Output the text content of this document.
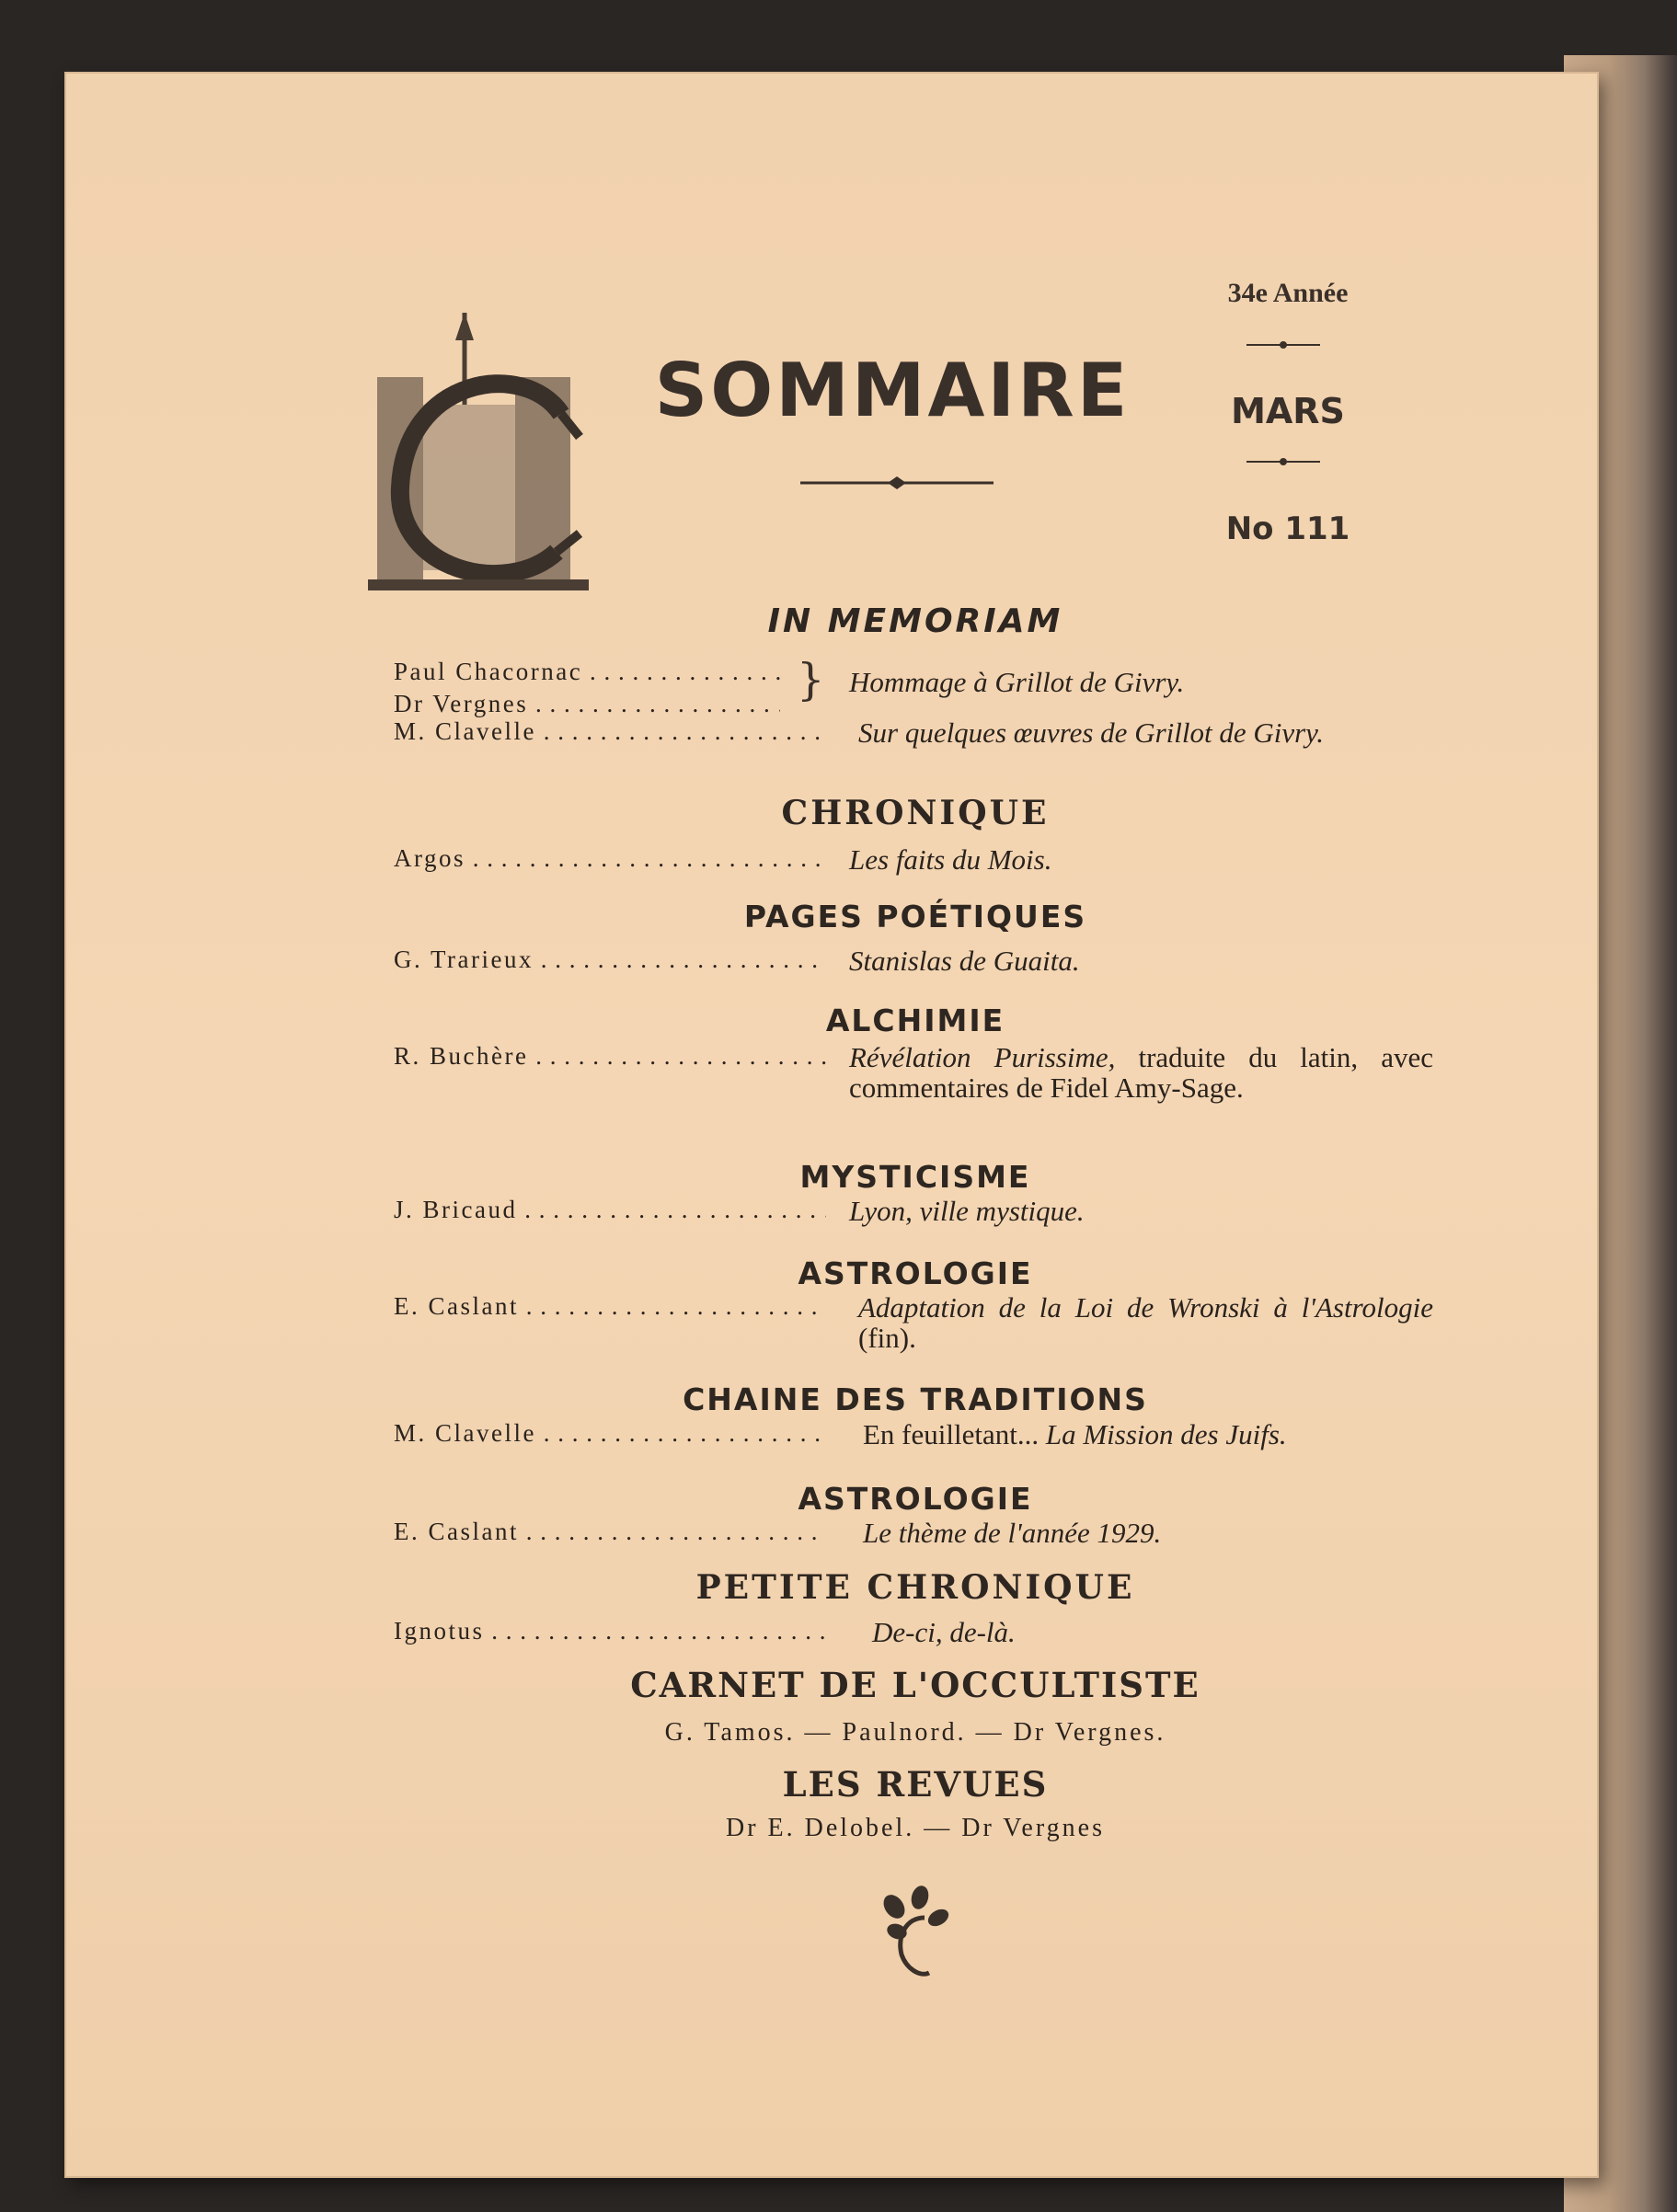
34e Année
SOMMAIRE	MARS
No 111
IN MEMORIAM
Paul Chacornac . . .
Dr Vergnes . . .	} Hommage à Grillot de Givry.
M. Clavelle . . .	Sur quelques œuvres de Grillot de Givry.
CHRONIQUE
Argos . . .	Les faits du Mois.
PAGES POÉTIQUES
G. Trarieux . . .	Stanislas de Guaita.
ALCHIMIE
R. Buchère . . .	Révélation Purissime, traduite du latin, avec commentaires de Fidel Amy-Sage.
MYSTICISME
J. Bricaud . . .	Lyon, ville mystique.
ASTROLOGIE
E. Caslant . . .	Adaptation de la Loi de Wronski à l'Astrologie (fin).
CHAINE DES TRADITIONS
M. Clavelle . . .	En feuilletant... La Mission des Juifs.
ASTROLOGIE
E. Caslant . . .	Le thème de l'année 1929.
PETITE CHRONIQUE
Ignotus . . .	De-ci, de-là.
CARNET DE L'OCCULTISTE
G. Tamos. — Paulnord. — Dr Vergnes.
LES REVUES
Dr E. Delobel. — Dr Vergnes
